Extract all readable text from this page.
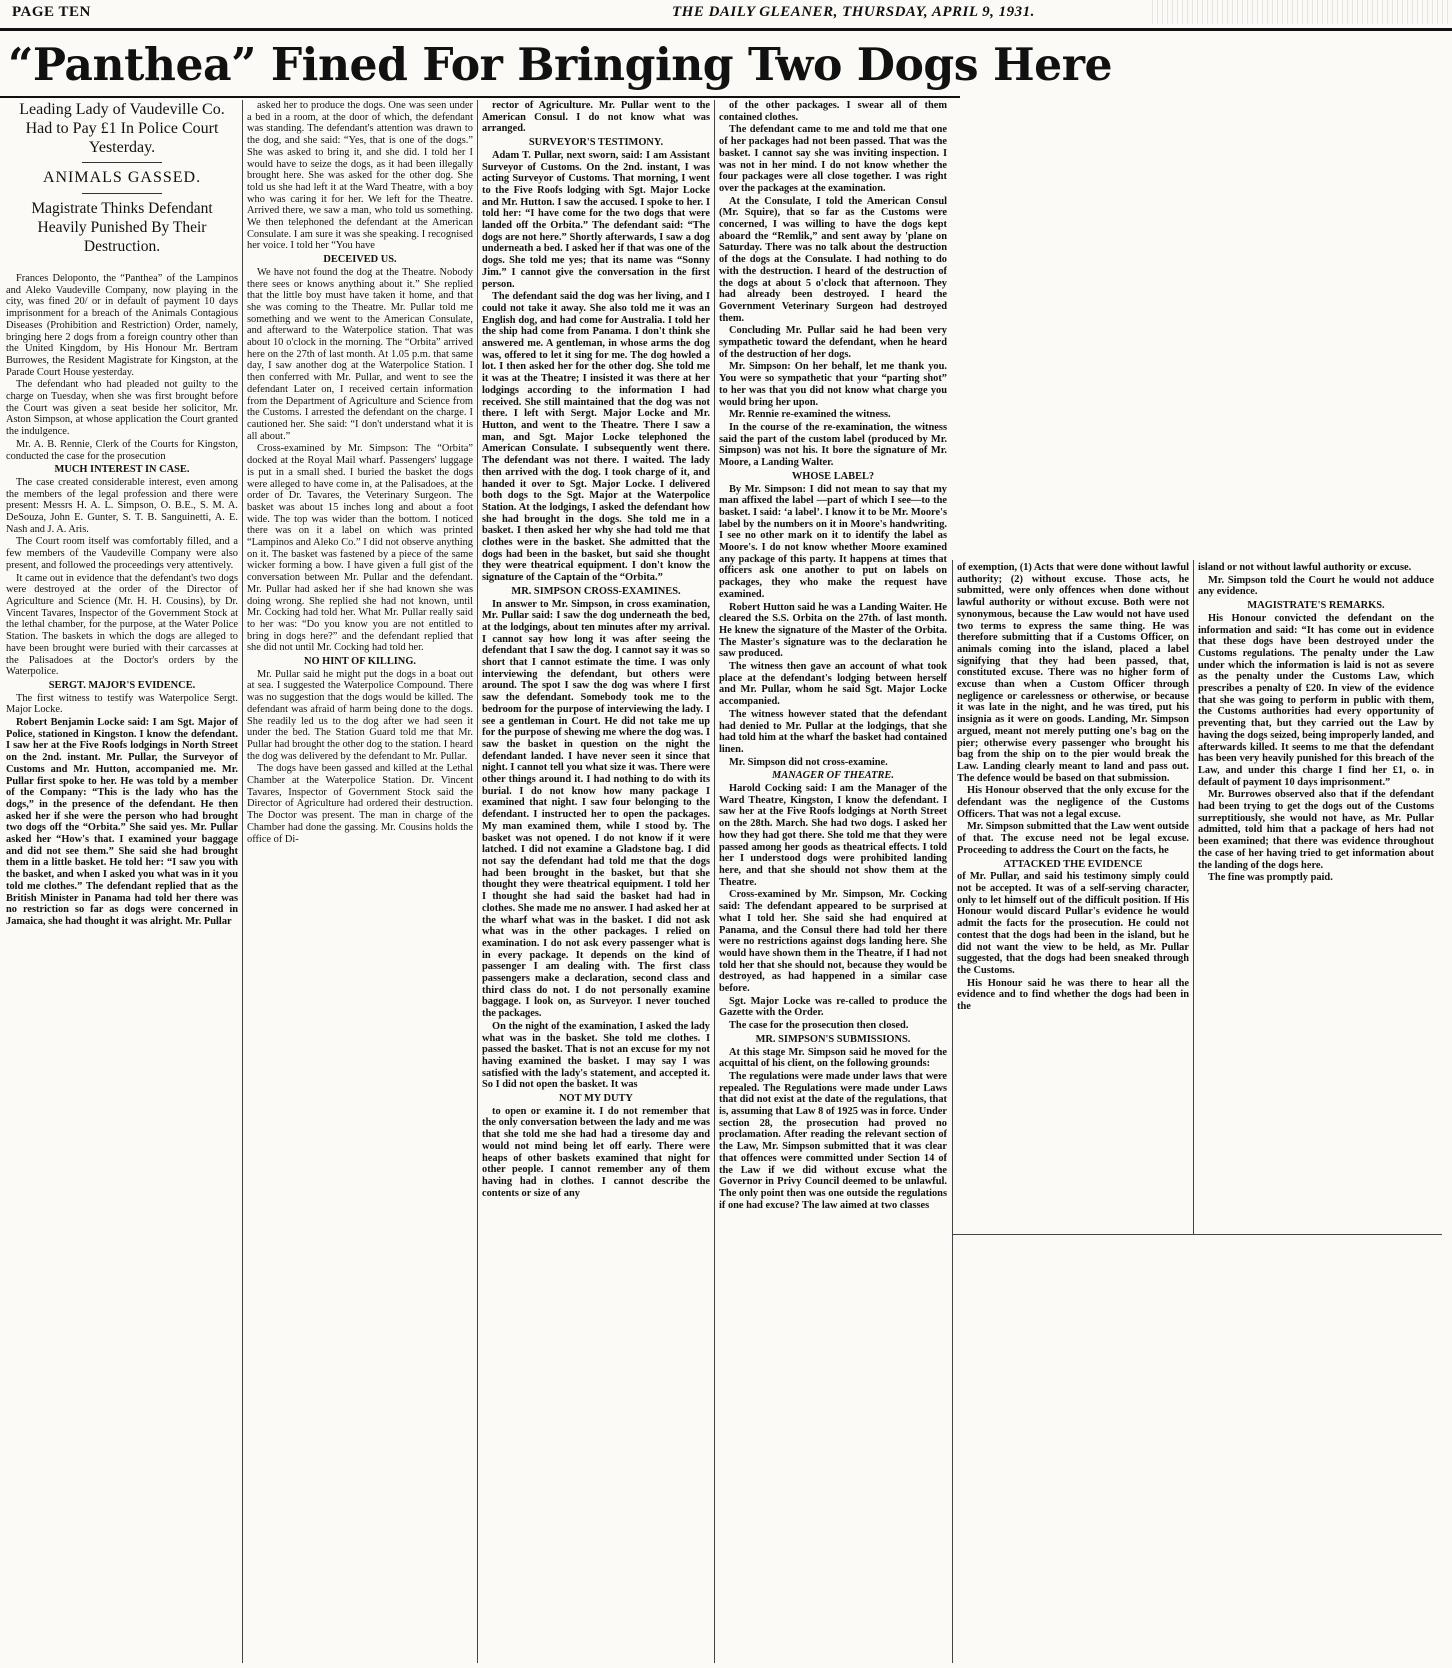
PAGE TEN	THE DAILY GLEANER, THURSDAY, APRIL 9, 1931.
“Panthea” Fined For Bringing Two Dogs Here

Leading Lady of Vaudeville Co. Had to Pay £1 In Police Court Yesterday.

ANIMALS GASSED.

Magistrate Thinks Defendant Heavily Punished By Their Destruction.

Frances Deloponto, the “Panthea” of the Lampinos and Aleko Vaudeville Company, now playing in the city, was fined 20/ or in default of payment 10 days imprisonment for a breach of the Animals Contagious Diseases (Prohibition and Restriction) Order, namely, bringing here 2 dogs from a foreign country other than the United Kingdom, by His Honour Mr. Bertram Burrowes, the Resident Magistrate for Kingston, at the Parade Court House yesterday.

The defendant who had pleaded not guilty to the charge on Tuesday, when she was first brought before the Court was given a seat beside her solicitor, Mr. Aston Simpson, at whose application the Court granted the indulgence.

Mr. A. B. Rennie, Clerk of the Courts for Kingston, conducted the case for the prosecution

MUCH INTEREST IN CASE.

The case created considerable interest, even among the members of the legal profession and there were present: Messrs H. A. L. Simpson, O. B.E., S. M. A. DeSouza, John E. Gunter, S. T. B. Sanguinetti, A. E. Nash and J. A. Aris.

The Court room itself was comfortably filled, and a few members of the Vaudeville Company were also present, and followed the proceedings very attentively.

It came out in evidence that the defendant's two dogs were destroyed at the order of the Director of Agriculture and Science (Mr. H. H. Cousins), by Dr. Vincent Tavares, Inspector of the Government Stock at the lethal chamber, for the purpose, at the Water Police Station. The baskets in which the dogs are alleged to have been brought were buried with their carcasses at the Palisadoes at the Doctor's orders by the Waterpolice.

SERGT. MAJOR'S EVIDENCE.

The first witness to testify was Waterpolice Sergt. Major Locke.

Robert Benjamin Locke said: I am Sgt. Major of Police, stationed in Kingston. I know the defendant. I saw her at the Five Roofs lodgings in North Street on the 2nd. instant. Mr. Pullar, the Surveyor of Customs and Mr. Hutton, accompanied me. Mr. Pullar first spoke to her. He was told by a member of the Company: “This is the lady who has the dogs,” in the presence of the defendant. He then asked her if she were the person who had brought two dogs off the “Orbita.” She said yes. Mr. Pullar asked her “How's that. I examined your baggage and did not see them.” She said she had brought them in a little basket. He told her: “I saw you with the basket, and when I asked you what was in it you told me clothes.” The defendant replied that as the British Minister in Panama had told her there was no restriction so far as dogs were concerned in Jamaica, she had thought it was alright. Mr. Pullar

asked her to produce the dogs. One was seen under a bed in a room, at the door of which, the defendant was standing. The defendant's attention was drawn to the dog, and she said: “Yes, that is one of the dogs.” She was asked to bring it, and she did. I told her I would have to seize the dogs, as it had been illegally brought here. She was asked for the other dog. She told us she had left it at the Ward Theatre, with a boy who was caring it for her. We left for the Theatre. Arrived there, we saw a man, who told us something. We then telephoned the defendant at the American Consulate. I am sure it was she speaking. I recognised her voice. I told her “You have

DECEIVED US.

We have not found the dog at the Theatre. Nobody there sees or knows anything about it.” She replied that the little boy must have taken it home, and that she was coming to the Theatre. Mr. Pullar told me something and we went to the American Consulate, and afterward to the Waterpolice station. That was about 10 o'clock in the morning. The “Orbita” arrived here on the 27th of last month. At 1.05 p.m. that same day, I saw another dog at the Waterpolice Station. I then conferred with Mr. Pullar, and went to see the defendant Later on, I received certain information from the Department of Agriculture and Science from the Customs. I arrested the defendant on the charge. I cautioned her. She said: “I don't understand what it is all about.”

Cross-examined by Mr. Simpson: The “Orbita” docked at the Royal Mail wharf. Passengers' luggage is put in a small shed. I buried the basket the dogs were alleged to have come in, at the Palisadoes, at the order of Dr. Tavares, the Veterinary Surgeon. The basket was about 15 inches long and about a foot wide. The top was wider than the bottom. I noticed there was on it a label on which was printed “Lampinos and Aleko Co.” I did not observe anything on it. The basket was fastened by a piece of the same wicker forming a bow. I have given a full gist of the conversation between Mr. Pullar and the defendant. Mr. Pullar had asked her if she had known she was doing wrong. She replied she had not known, until Mr. Cocking had told her. What Mr. Pullar really said to her was: “Do you know you are not entitled to bring in dogs here?” and the defendant replied that she did not until Mr. Cocking had told her.

NO HINT OF KILLING.

Mr. Pullar said he might put the dogs in a boat out at sea. I suggested the Waterpolice Compound. There was no suggestion that the dogs would be killed. The defendant was afraid of harm being done to the dogs. She readily led us to the dog after we had seen it under the bed. The Station Guard told me that Mr. Pullar had brought the other dog to the station. I heard the dog was delivered by the defendant to Mr. Pullar.

The dogs have been gassed and killed at the Lethal Chamber at the Waterpolice Station. Dr. Vincent Tavares, Inspector of Government Stock said the Director of Agriculture had ordered their destruction. The Doctor was present. The man in charge of the Chamber had done the gassing. Mr. Cousins holds the office of Di-

rector of Agriculture. Mr. Pullar went to the American Consul. I do not know what was arranged.

SURVEYOR'S TESTIMONY.

Adam T. Pullar, next sworn, said: I am Assistant Surveyor of Customs. On the 2nd. instant, I was acting Surveyor of Customs. That morning, I went to the Five Roofs lodging with Sgt. Major Locke and Mr. Hutton. I saw the accused. I spoke to her. I told her: “I have come for the two dogs that were landed off the Orbita.” The defendant said: “The dogs are not here.” Shortly afterwards, I saw a dog underneath a bed. I asked her if that was one of the dogs. She told me yes; that its name was “Sonny Jim.” I cannot give the conversation in the first person.

The defendant said the dog was her living, and I could not take it away. She also told me it was an English dog, and had come for Australia. I told her the ship had come from Panama. I don't think she answered me. A gentleman, in whose arms the dog was, offered to let it sing for me. The dog howled a lot. I then asked her for the other dog. She told me it was at the Theatre; I insisted it was there at her lodgings according to the information I had received. She still maintained that the dog was not there. I left with Sergt. Major Locke and Mr. Hutton, and went to the Theatre. There I saw a man, and Sgt. Major Locke telephoned the American Consulate. I subsequently went there. The defendant was not there. I waited. The lady then arrived with the dog. I took charge of it, and handed it over to Sgt. Major Locke. I delivered both dogs to the Sgt. Major at the Waterpolice Station. At the lodgings, I asked the defendant how she had brought in the dogs. She told me in a basket. I then asked her why she had told me that clothes were in the basket. She admitted that the dogs had been in the basket, but said she thought they were theatrical equipment. I don't know the signature of the Captain of the “Orbita.”

MR. SIMPSON CROSS-EXAMINES.

In answer to Mr. Simpson, in cross examination, Mr. Pullar said: I saw the dog underneath the bed, at the lodgings, about ten minutes after my arrival. I cannot say how long it was after seeing the defendant that I saw the dog. I cannot say it was so short that I cannot estimate the time. I was only interviewing the defendant, but others were around. The spot I saw the dog was where I first saw the defendant. Somebody took me to the bedroom for the purpose of interviewing the lady. I see a gentleman in Court. He did not take me up for the purpose of shewing me where the dog was. I saw the basket in question on the night the defendant landed. I have never seen it since that night. I cannot tell you what size it was. There were other things around it. I had nothing to do with its burial. I do not know how many package I examined that night. I saw four belonging to the defendant. I instructed her to open the packages. My man examined them, while I stood by. The basket was not opened. I do not know if it were latched. I did not examine a Gladstone bag. I did not say the defendant had told me that the dogs had been brought in the basket, but that she thought they were theatrical equipment. I told her I thought she had said the basket had had in clothes. She made me no answer. I had asked her at the wharf what was in the basket. I did not ask what was in the other packages. I relied on examination. I do not ask every passenger what is in every package. It depends on the kind of passenger I am dealing with. The first class passengers make a declaration, second class and third class do not. I do not personally examine baggage. I look on, as Surveyor. I never touched the packages.

On the night of the examination, I asked the lady what was in the basket. She told me clothes. I passed the basket. That is not an excuse for my not having examined the basket. I may say I was satisfied with the lady's statement, and accepted it. So I did not open the basket. It was

NOT MY DUTY

to open or examine it. I do not remember that the only conversation between the lady and me was that she told me she had had a tiresome day and would not mind being let off early. There were heaps of other baskets examined that night for other people. I cannot remember any of them having had in clothes. I cannot describe the contents or size of any

of the other packages. I swear all of them contained clothes.

The defendant came to me and told me that one of her packages had not been passed. That was the basket. I cannot say she was inviting inspection. I was not in her mind. I do not know whether the four packages were all close together. I was right over the packages at the examination.

At the Consulate, I told the American Consul (Mr. Squire), that so far as the Customs were concerned, I was willing to have the dogs kept aboard the “Remlik,” and sent away by 'plane on Saturday. There was no talk about the destruction of the dogs at the Consulate. I had nothing to do with the destruction. I heard of the destruction of the dogs at about 5 o'clock that afternoon. They had already been destroyed. I heard the Government Veterinary Surgeon had destroyed them.

Concluding Mr. Pullar said he had been very sympathetic toward the defendant, when he heard of the destruction of her dogs.

Mr. Simpson: On her behalf, let me thank you. You were so sympathetic that your “parting shot” to her was that you did not know what charge you would bring her upon.

Mr. Rennie re-examined the witness.

In the course of the re-examination, the witness said the part of the custom label (produced by Mr. Simpson) was not his. It bore the signature of Mr. Moore, a Landing Walter.

WHOSE LABEL?

By Mr. Simpson: I did not mean to say that my man affixed the label —part of which I see—to the basket. I said: ‘a label’. I know it to be Mr. Moore's label by the numbers on it in Moore's handwriting. I see no other mark on it to identify the label as Moore's. I do not know whether Moore examined any package of this party. It happens at times that officers ask one another to put on labels on packages, they who make the request have examined.

Robert Hutton said he was a Landing Waiter. He cleared the S.S. Orbita on the 27th. of last month. He knew the signature of the Master of the Orbita. The Master's signature was to the declaration he saw produced.

The witness then gave an account of what took place at the defendant's lodging between herself and Mr. Pullar, whom he said Sgt. Major Locke accompanied.

The witness however stated that the defendant had denied to Mr. Pullar at the lodgings, that she had told him at the wharf the basket had contained linen.

Mr. Simpson did not cross-examine.

MANAGER OF THEATRE.

Harold Cocking said: I am the Manager of the Ward Theatre, Kingston, I know the defendant. I saw her at the Five Roofs lodgings at North Street on the 28th. March. She had two dogs. I asked her how they had got there. She told me that they were passed among her goods as theatrical effects. I told her I understood dogs were prohibited landing here, and that she should not show them at the Theatre.

Cross-examined by Mr. Simpson, Mr. Cocking said: The defendant appeared to be surprised at what I told her. She said she had enquired at Panama, and the Consul there had told her there were no restrictions against dogs landing here. She would have shown them in the Theatre, if I had not told her that she should not, because they would be destroyed, as had happened in a similar case before.

Sgt. Major Locke was re-called to produce the Gazette with the Order.

The case for the prosecution then closed.

MR. SIMPSON'S SUBMISSIONS.

At this stage Mr. Simpson said he moved for the acquittal of his client, on the following grounds:

The regulations were made under laws that were repealed. The Regulations were made under Laws that did not exist at the date of the regulations, that is, assuming that Law 8 of 1925 was in force. Under section 28, the prosecution had proved no proclamation. After reading the relevant section of the Law, Mr. Simpson submitted that it was clear that offences were committed under Section 14 of the Law if we did without excuse what the Governor in Privy Council deemed to be unlawful. The only point then was one outside the regulations if one had excuse? The law aimed at two classes

of exemption, (1) Acts that were done without lawful authority; (2) without excuse. Those acts, he submitted, were only offences when done without lawful authority or without excuse. Both were not synonymous, because the Law would not have used two terms to express the same thing. He was therefore submitting that if a Customs Officer, on animals coming into the island, placed a label signifying that they had been passed, that, constituted excuse. There was no higher form of excuse than when a Custom Officer through negligence or carelessness or otherwise, or because it was late in the night, and he was tired, put his insignia as it were on goods. Landing, Mr. Simpson argued, meant not merely putting one's bag on the pier; otherwise every passenger who brought his bag from the ship on to the pier would break the Law. Landing clearly meant to land and pass out. The defence would be based on that submission.

His Honour observed that the only excuse for the defendant was the negligence of the Customs Officers. That was not a legal excuse.

Mr. Simpson submitted that the Law went outside of that. The excuse need not be legal excuse. Proceeding to address the Court on the facts, he

ATTACKED THE EVIDENCE

of Mr. Pullar, and said his testimony simply could not be accepted. It was of a self-serving character, only to let himself out of the difficult position. If His Honour would discard Pullar's evidence he would admit the facts for the prosecution. He could not contest that the dogs had been in the island, but he did not want the view to be held, as Mr. Pullar suggested, that the dogs had been sneaked through the Customs.

His Honour said he was there to hear all the evidence and to find whether the dogs had been in the

island or not without lawful authority or excuse.

Mr. Simpson told the Court he would not adduce any evidence.

MAGISTRATE'S REMARKS.

His Honour convicted the defendant on the information and said: “It has come out in evidence that these dogs have been destroyed under the Customs regulations. The penalty under the Law under which the information is laid is not as severe as the penalty under the Customs Law, which prescribes a penalty of £20. In view of the evidence that she was going to perform in public with them, the Customs authorities had every opportunity of preventing that, but they carried out the Law by having the dogs seized, being improperly landed, and afterwards killed. It seems to me that the defendant has been very heavily punished for this breach of the Law, and under this charge I find her £1, o. in default of payment 10 days imprisonment.”

Mr. Burrowes observed also that if the defendant had been trying to get the dogs out of the Customs surreptitiously, she would not have, as Mr. Pullar admitted, told him that a package of hers had not been examined; that there was evidence throughout the case of her having tried to get information about the landing of the dogs here.

The fine was promptly paid.
